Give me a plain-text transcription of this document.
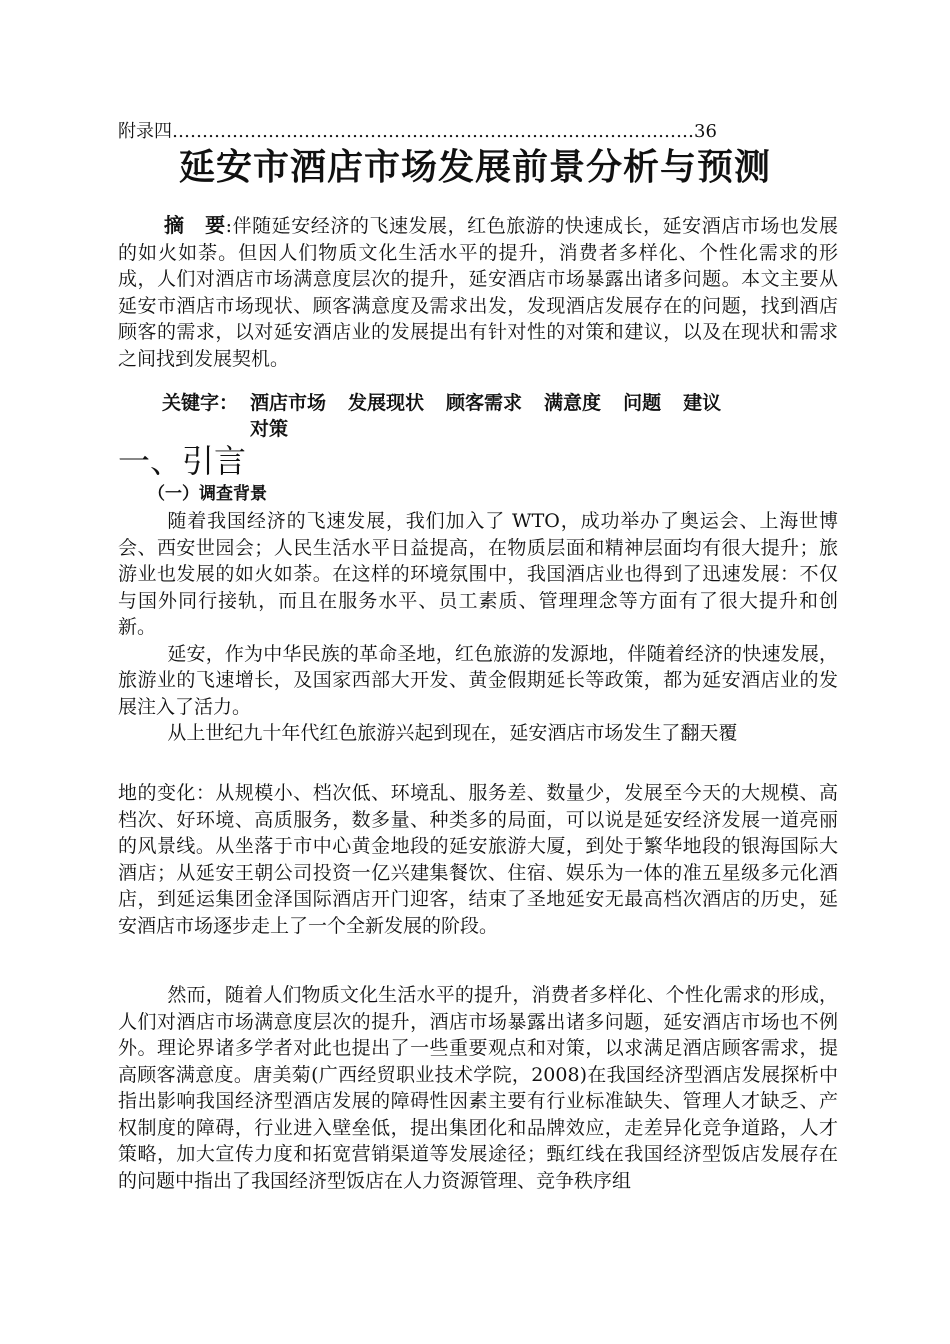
附录四……………………………………………………………………………36
延安市酒店市场发展前景分析与预测
摘　要:伴随延安经济的飞速发展，红色旅游的快速成长，延安酒店市场也发展的如火如荼。但因人们物质文化生活水平的提升，消费者多样化、个性化需求的形成，人们对酒店市场满意度层次的提升，延安酒店市场暴露出诸多问题。本文主要从延安市酒店市场现状、顾客满意度及需求出发，发现酒店发展存在的问题，找到酒店顾客的需求，以对延安酒店业的发展提出有针对性的对策和建议，以及在现状和需求之间找到发展契机。
关键字： 酒店市场 发展现状 顾客需求 满意度 问题 建议
对策
一、引言
（一）调查背景

随着我国经济的飞速发展，我们加入了 WTO，成功举办了奥运会、上海世博会、西安世园会；人民生活水平日益提高，在物质层面和精神层面均有很大提升；旅游业也发展的如火如荼。在这样的环境氛围中，我国酒店业也得到了迅速发展：不仅与国外同行接轨，而且在服务水平、员工素质、管理理念等方面有了很大提升和创新。

延安，作为中华民族的革命圣地，红色旅游的发源地，伴随着经济的快速发展，旅游业的飞速增长，及国家西部大开发、黄金假期延长等政策，都为延安酒店业的发展注入了活力。

从上世纪九十年代红色旅游兴起到现在，延安酒店市场发生了翻天覆

地的变化：从规模小、档次低、环境乱、服务差、数量少，发展至今天的大规模、高档次、好环境、高质服务，数多量、种类多的局面，可以说是延安经济发展一道亮丽的风景线。从坐落于市中心黄金地段的延安旅游大厦，到处于繁华地段的银海国际大酒店；从延安王朝公司投资一亿兴建集餐饮、住宿、娱乐为一体的准五星级多元化酒店，到延运集团金泽国际酒店开门迎客，结束了圣地延安无最高档次酒店的历史，延安酒店市场逐步走上了一个全新发展的阶段。

然而，随着人们物质文化生活水平的提升，消费者多样化、个性化需求的形成，人们对酒店市场满意度层次的提升，酒店市场暴露出诸多问题，延安酒店市场也不例外。理论界诸多学者对此也提出了一些重要观点和对策，以求满足酒店顾客需求，提高顾客满意度。唐美菊(广西经贸职业技术学院，2008)在我国经济型酒店发展探析中指出影响我国经济型酒店发展的障碍性因素主要有行业标准缺失、管理人才缺乏、产权制度的障碍，行业进入壁垒低，提出集团化和品牌效应，走差异化竞争道路，人才策略，加大宣传力度和拓宽营销渠道等发展途径；甄红线在我国经济型饭店发展存在的问题中指出了我国经济型饭店在人力资源管理、竞争秩序组
